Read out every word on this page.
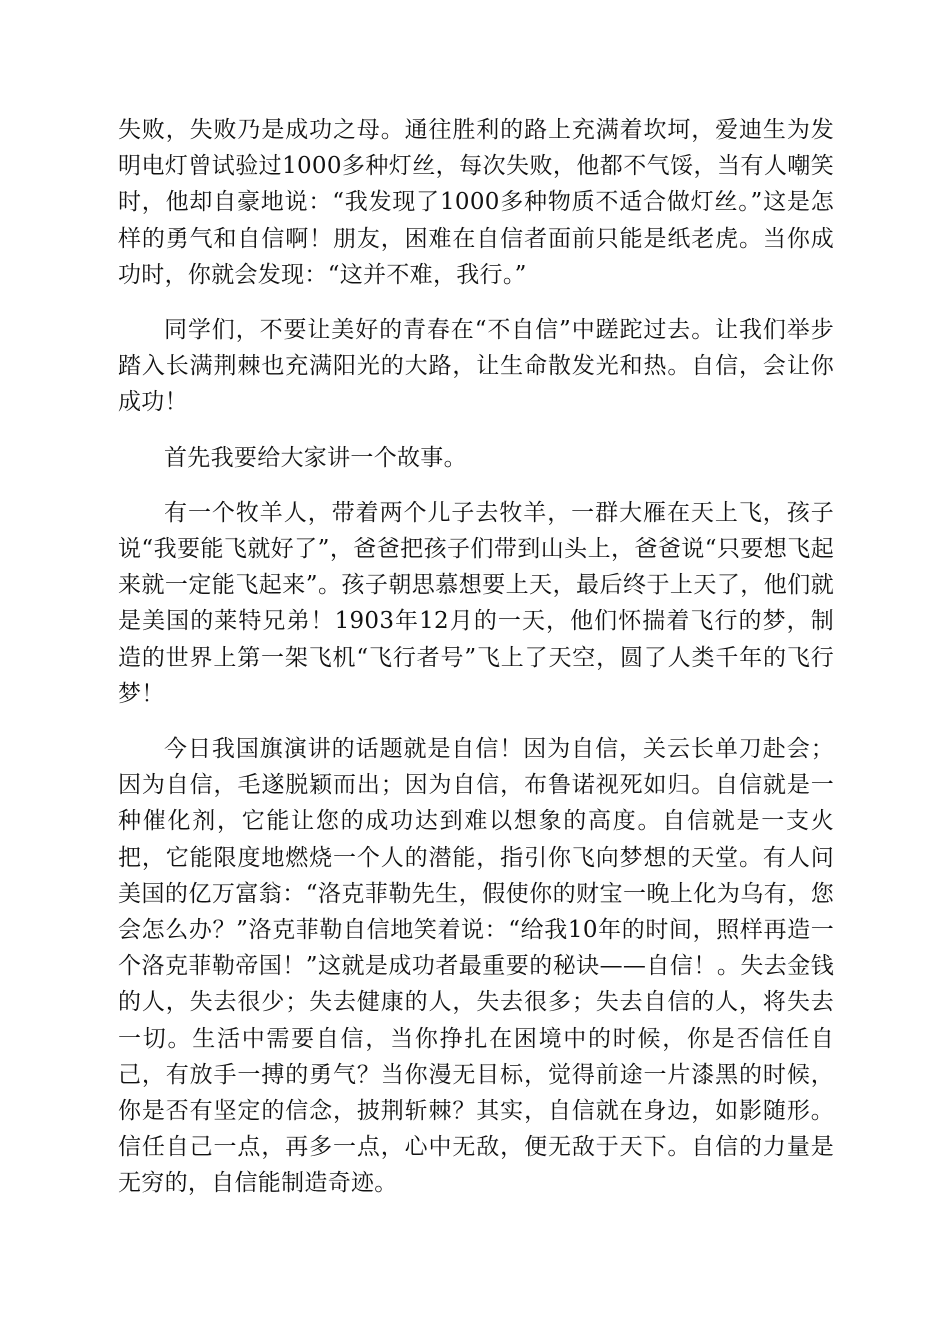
失败，失败乃是成功之母。通往胜利的路上充满着坎坷，爱迪生为发明电灯曾试验过1000多种灯丝，每次失败，他都不气馁，当有人嘲笑时，他却自豪地说：“我发现了1000多种物质不适合做灯丝。”这是怎样的勇气和自信啊！朋友，困难在自信者面前只能是纸老虎。当你成功时，你就会发现：“这并不难，我行。”

同学们，不要让美好的青春在“不自信”中蹉跎过去。让我们举步踏入长满荆棘也充满阳光的大路，让生命散发光和热。自信，会让你成功！

首先我要给大家讲一个故事。

有一个牧羊人，带着两个儿子去牧羊，一群大雁在天上飞，孩子说“我要能飞就好了”，爸爸把孩子们带到山头上，爸爸说“只要想飞起来就一定能飞起来”。孩子朝思慕想要上天，最后终于上天了，他们就是美国的莱特兄弟！1903年12月的一天，他们怀揣着飞行的梦，制造的世界上第一架飞机“飞行者号”飞上了天空，圆了人类千年的飞行梦！

今日我国旗演讲的话题就是自信！因为自信，关云长单刀赴会；因为自信，毛遂脱颖而出；因为自信，布鲁诺视死如归。自信就是一种催化剂，它能让您的成功达到难以想象的高度。自信就是一支火把，它能限度地燃烧一个人的潜能，指引你飞向梦想的天堂。有人问美国的亿万富翁：“洛克菲勒先生，假使你的财宝一晚上化为乌有，您会怎么办？”洛克菲勒自信地笑着说：“给我10年的时间，照样再造一个洛克菲勒帝国！”这就是成功者最重要的秘诀——自信！。失去金钱的人，失去很少；失去健康的人，失去很多；失去自信的人，将失去一切。生活中需要自信，当你挣扎在困境中的时候，你是否信任自己，有放手一搏的勇气？当你漫无目标，觉得前途一片漆黑的时候，你是否有坚定的信念，披荆斩棘？其实，自信就在身边，如影随形。信任自己一点，再多一点，心中无敌，便无敌于天下。自信的力量是无穷的，自信能制造奇迹。
